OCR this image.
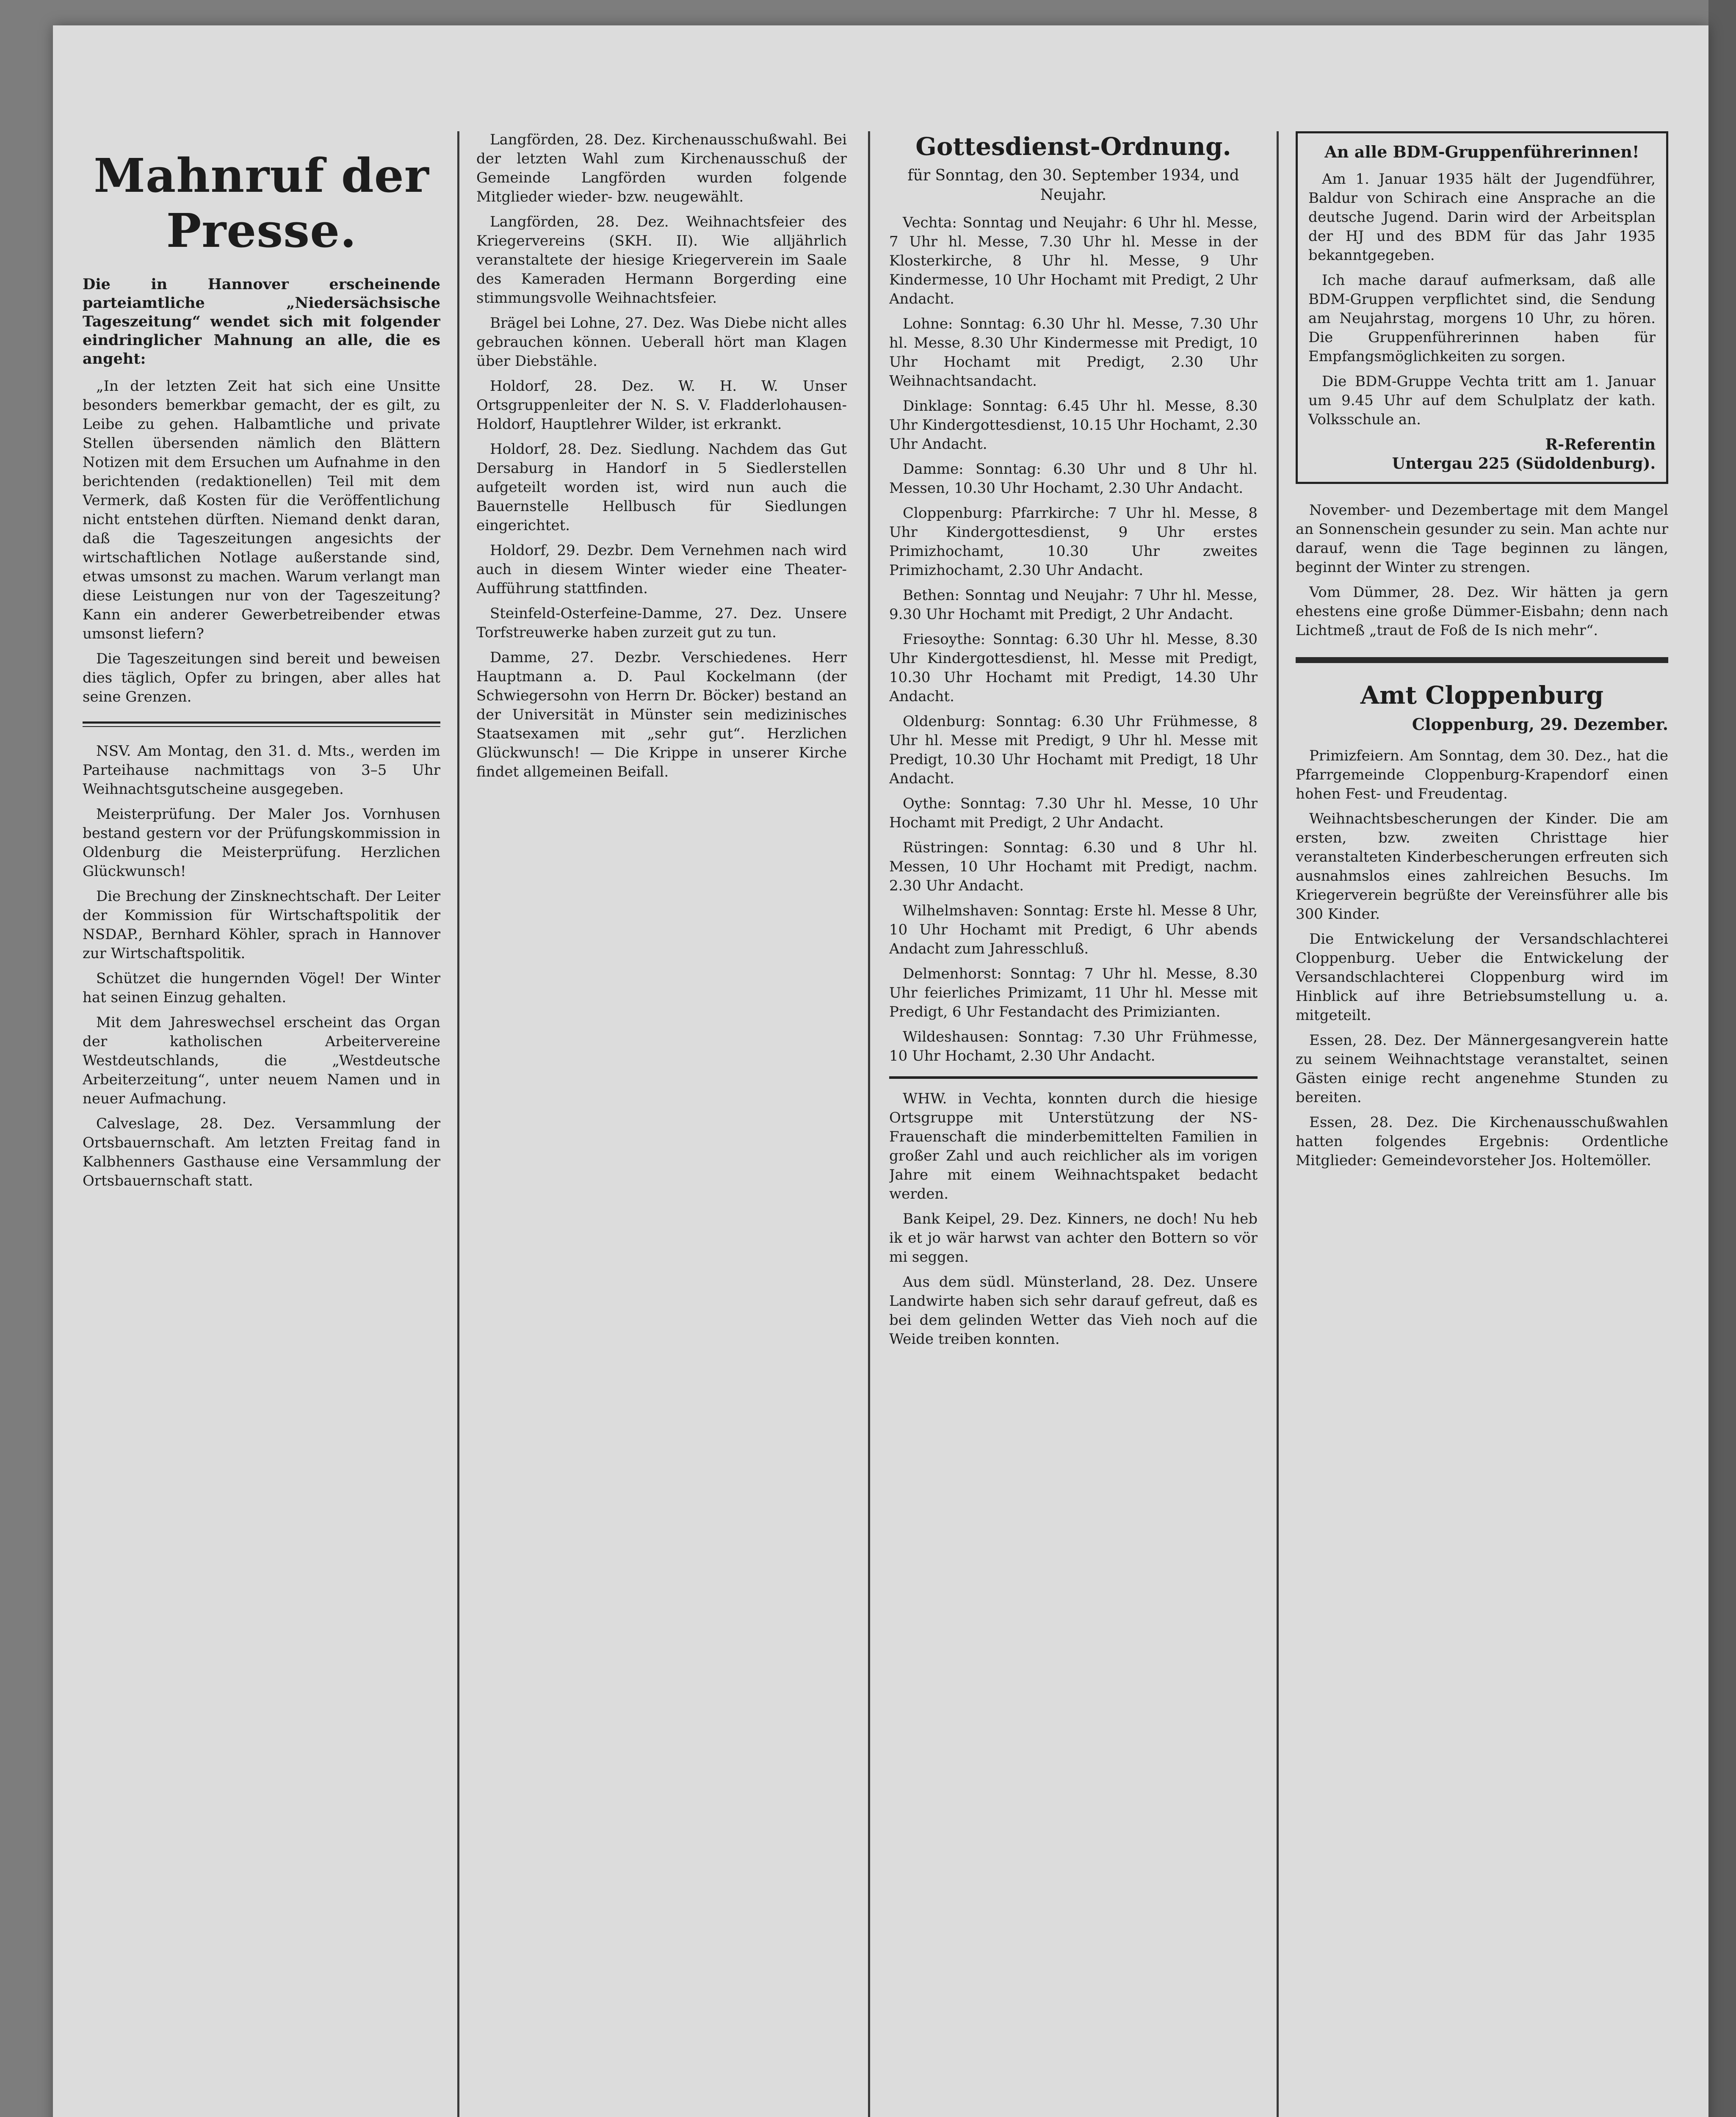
Mahnruf der Presse.
Die in Hannover erscheinende parteiamtliche „Niedersächsische Tageszeitung“ wendet sich mit folgender eindringlicher Mahnung an alle, die es angeht:

„In der letzten Zeit hat sich eine Unsitte besonders bemerkbar gemacht, der es gilt, zu Leibe zu gehen. Halbamtliche und private Stellen übersenden nämlich den Blättern Notizen mit dem Ersuchen um Aufnahme in den berichtenden (redaktionellen) Teil mit dem Vermerk, daß Kosten für die Veröffentlichung nicht entstehen dürften. Niemand denkt daran, daß die Tageszeitungen angesichts der wirtschaftlichen Notlage außerstande sind, etwas umsonst zu machen. Warum verlangt man diese Leistungen nur von der Tageszeitung? Kann ein anderer Gewerbetreibender etwas umsonst liefern?

Die Tageszeitungen sind bereit und beweisen dies täglich, Opfer zu bringen, aber alles hat seine Grenzen.

NSV. Am Montag, den 31. d. Mts., werden im Parteihause nachmittags von 3–5 Uhr Weihnachtsgutscheine ausgegeben.

Meisterprüfung. Der Maler Jos. Vornhusen bestand gestern vor der Prüfungskommission in Oldenburg die Meisterprüfung. Herzlichen Glückwunsch!

Die Brechung der Zinsknechtschaft. Der Leiter der Kommission für Wirtschaftspolitik der NSDAP., Bernhard Köhler, sprach in Hannover zur Wirtschaftspolitik.

Schützet die hungernden Vögel! Der Winter hat seinen Einzug gehalten.

Mit dem Jahreswechsel erscheint das Organ der katholischen Arbeitervereine Westdeutschlands, die „Westdeutsche Arbeiterzeitung“, unter neuem Namen und in neuer Aufmachung.

Calveslage, 28. Dez. Versammlung der Ortsbauernschaft. Am letzten Freitag fand in Kalbhenners Gasthause eine Versammlung der Ortsbauernschaft statt.

Langförden, 28. Dez. Kirchenausschußwahl. Bei der letzten Wahl zum Kirchenausschuß der Gemeinde Langförden wurden folgende Mitglieder wieder- bzw. neugewählt.

Langförden, 28. Dez. Weihnachtsfeier des Kriegervereins (SKH. II). Wie alljährlich veranstaltete der hiesige Kriegerverein im Saale des Kameraden Hermann Borgerding eine stimmungsvolle Weihnachtsfeier.

Brägel bei Lohne, 27. Dez. Was Diebe nicht alles gebrauchen können. Ueberall hört man Klagen über Diebstähle.

Holdorf, 28. Dez. W. H. W. Unser Ortsgruppenleiter der N. S. V. Fladderlohausen-Holdorf, Hauptlehrer Wilder, ist erkrankt.

Holdorf, 28. Dez. Siedlung. Nachdem das Gut Dersaburg in Handorf in 5 Siedlerstellen aufgeteilt worden ist, wird nun auch die Bauernstelle Hellbusch für Siedlungen eingerichtet.

Holdorf, 29. Dezbr. Dem Vernehmen nach wird auch in diesem Winter wieder eine Theater-Aufführung stattfinden.

Steinfeld-Osterfeine-Damme, 27. Dez. Unsere Torfstreuwerke haben zurzeit gut zu tun.

Damme, 27. Dezbr. Verschiedenes. Herr Hauptmann a. D. Paul Kockelmann (der Schwiegersohn von Herrn Dr. Böcker) bestand an der Universität in Münster sein medizinisches Staatsexamen mit „sehr gut“. Herzlichen Glückwunsch! — Die Krippe in unserer Kirche findet allgemeinen Beifall.

Gottesdienst-Ordnung.
für Sonntag, den 30. September 1934, und Neujahr.

Vechta: Sonntag und Neujahr: 6 Uhr hl. Messe, 7 Uhr hl. Messe, 7.30 Uhr hl. Messe in der Klosterkirche, 8 Uhr hl. Messe, 9 Uhr Kindermesse, 10 Uhr Hochamt mit Predigt, 2 Uhr Andacht.

Lohne: Sonntag: 6.30 Uhr hl. Messe, 7.30 Uhr hl. Messe, 8.30 Uhr Kindermesse mit Predigt, 10 Uhr Hochamt mit Predigt, 2.30 Uhr Weihnachtsandacht.

Dinklage: Sonntag: 6.45 Uhr hl. Messe, 8.30 Uhr Kindergottesdienst, 10.15 Uhr Hochamt, 2.30 Uhr Andacht.

Damme: Sonntag: 6.30 Uhr und 8 Uhr hl. Messen, 10.30 Uhr Hochamt, 2.30 Uhr Andacht.

Cloppenburg: Pfarrkirche: 7 Uhr hl. Messe, 8 Uhr Kindergottesdienst, 9 Uhr erstes Primizhochamt, 10.30 Uhr zweites Primizhochamt, 2.30 Uhr Andacht.

Bethen: Sonntag und Neujahr: 7 Uhr hl. Messe, 9.30 Uhr Hochamt mit Predigt, 2 Uhr Andacht.

Friesoythe: Sonntag: 6.30 Uhr hl. Messe, 8.30 Uhr Kindergottesdienst, hl. Messe mit Predigt, 10.30 Uhr Hochamt mit Predigt, 14.30 Uhr Andacht.

Oldenburg: Sonntag: 6.30 Uhr Frühmesse, 8 Uhr hl. Messe mit Predigt, 9 Uhr hl. Messe mit Predigt, 10.30 Uhr Hochamt mit Predigt, 18 Uhr Andacht.

Oythe: Sonntag: 7.30 Uhr hl. Messe, 10 Uhr Hochamt mit Predigt, 2 Uhr Andacht.

Rüstringen: Sonntag: 6.30 und 8 Uhr hl. Messen, 10 Uhr Hochamt mit Predigt, nachm. 2.30 Uhr Andacht.

Wilhelmshaven: Sonntag: Erste hl. Messe 8 Uhr, 10 Uhr Hochamt mit Predigt, 6 Uhr abends Andacht zum Jahresschluß.

Delmenhorst: Sonntag: 7 Uhr hl. Messe, 8.30 Uhr feierliches Primizamt, 11 Uhr hl. Messe mit Predigt, 6 Uhr Festandacht des Primizianten.

Wildeshausen: Sonntag: 7.30 Uhr Frühmesse, 10 Uhr Hochamt, 2.30 Uhr Andacht.

WHW. in Vechta, konnten durch die hiesige Ortsgruppe mit Unterstützung der NS-Frauenschaft die minderbemittelten Familien in großer Zahl und auch reichlicher als im vorigen Jahre mit einem Weihnachtspaket bedacht werden.

Bank Keipel, 29. Dez. Kinners, ne doch! Nu heb ik et jo wär harwst van achter den Bottern so vör mi seggen.

Aus dem südl. Münsterland, 28. Dez. Unsere Landwirte haben sich sehr darauf gefreut, daß es bei dem gelinden Wetter das Vieh noch auf die Weide treiben konnten.

An alle BDM-Gruppenführerinnen!

Am 1. Januar 1935 hält der Jugendführer, Baldur von Schirach eine Ansprache an die deutsche Jugend. Darin wird der Arbeitsplan der HJ und des BDM für das Jahr 1935 bekanntgegeben.

Ich mache darauf aufmerksam, daß alle BDM-Gruppen verpflichtet sind, die Sendung am Neujahrstag, morgens 10 Uhr, zu hören. Die Gruppenführerinnen haben für Empfangsmöglichkeiten zu sorgen.

Die BDM-Gruppe Vechta tritt am 1. Januar um 9.45 Uhr auf dem Schulplatz der kath. Volksschule an.

R-Referentin
Untergau 225 (Südoldenburg).

November- und Dezembertage mit dem Mangel an Sonnenschein gesunder zu sein. Man achte nur darauf, wenn die Tage beginnen zu längen, beginnt der Winter zu strengen.

Vom Dümmer, 28. Dez. Wir hätten ja gern ehestens eine große Dümmer-Eisbahn; denn nach Lichtmeß „traut de Foß de Is nich mehr“.

Amt Cloppenburg
Cloppenburg, 29. Dezember.

Primizfeiern. Am Sonntag, dem 30. Dez., hat die Pfarrgemeinde Cloppenburg-Krapendorf einen hohen Fest- und Freudentag.

Weihnachtsbescherungen der Kinder. Die am ersten, bzw. zweiten Christtage hier veranstalteten Kinderbescherungen erfreuten sich ausnahmslos eines zahlreichen Besuchs. Im Kriegerverein begrüßte der Vereinsführer alle bis 300 Kinder.

Die Entwickelung der Versandschlachterei Cloppenburg. Ueber die Entwickelung der Versandschlachterei Cloppenburg wird im Hinblick auf ihre Betriebsumstellung u. a. mitgeteilt.

Essen, 28. Dez. Der Männergesangverein hatte zu seinem Weihnachtstage veranstaltet, seinen Gästen einige recht angenehme Stunden zu bereiten.

Essen, 28. Dez. Die Kirchenausschußwahlen hatten folgendes Ergebnis: Ordentliche Mitglieder: Gemeindevorsteher Jos. Holtemöller.
